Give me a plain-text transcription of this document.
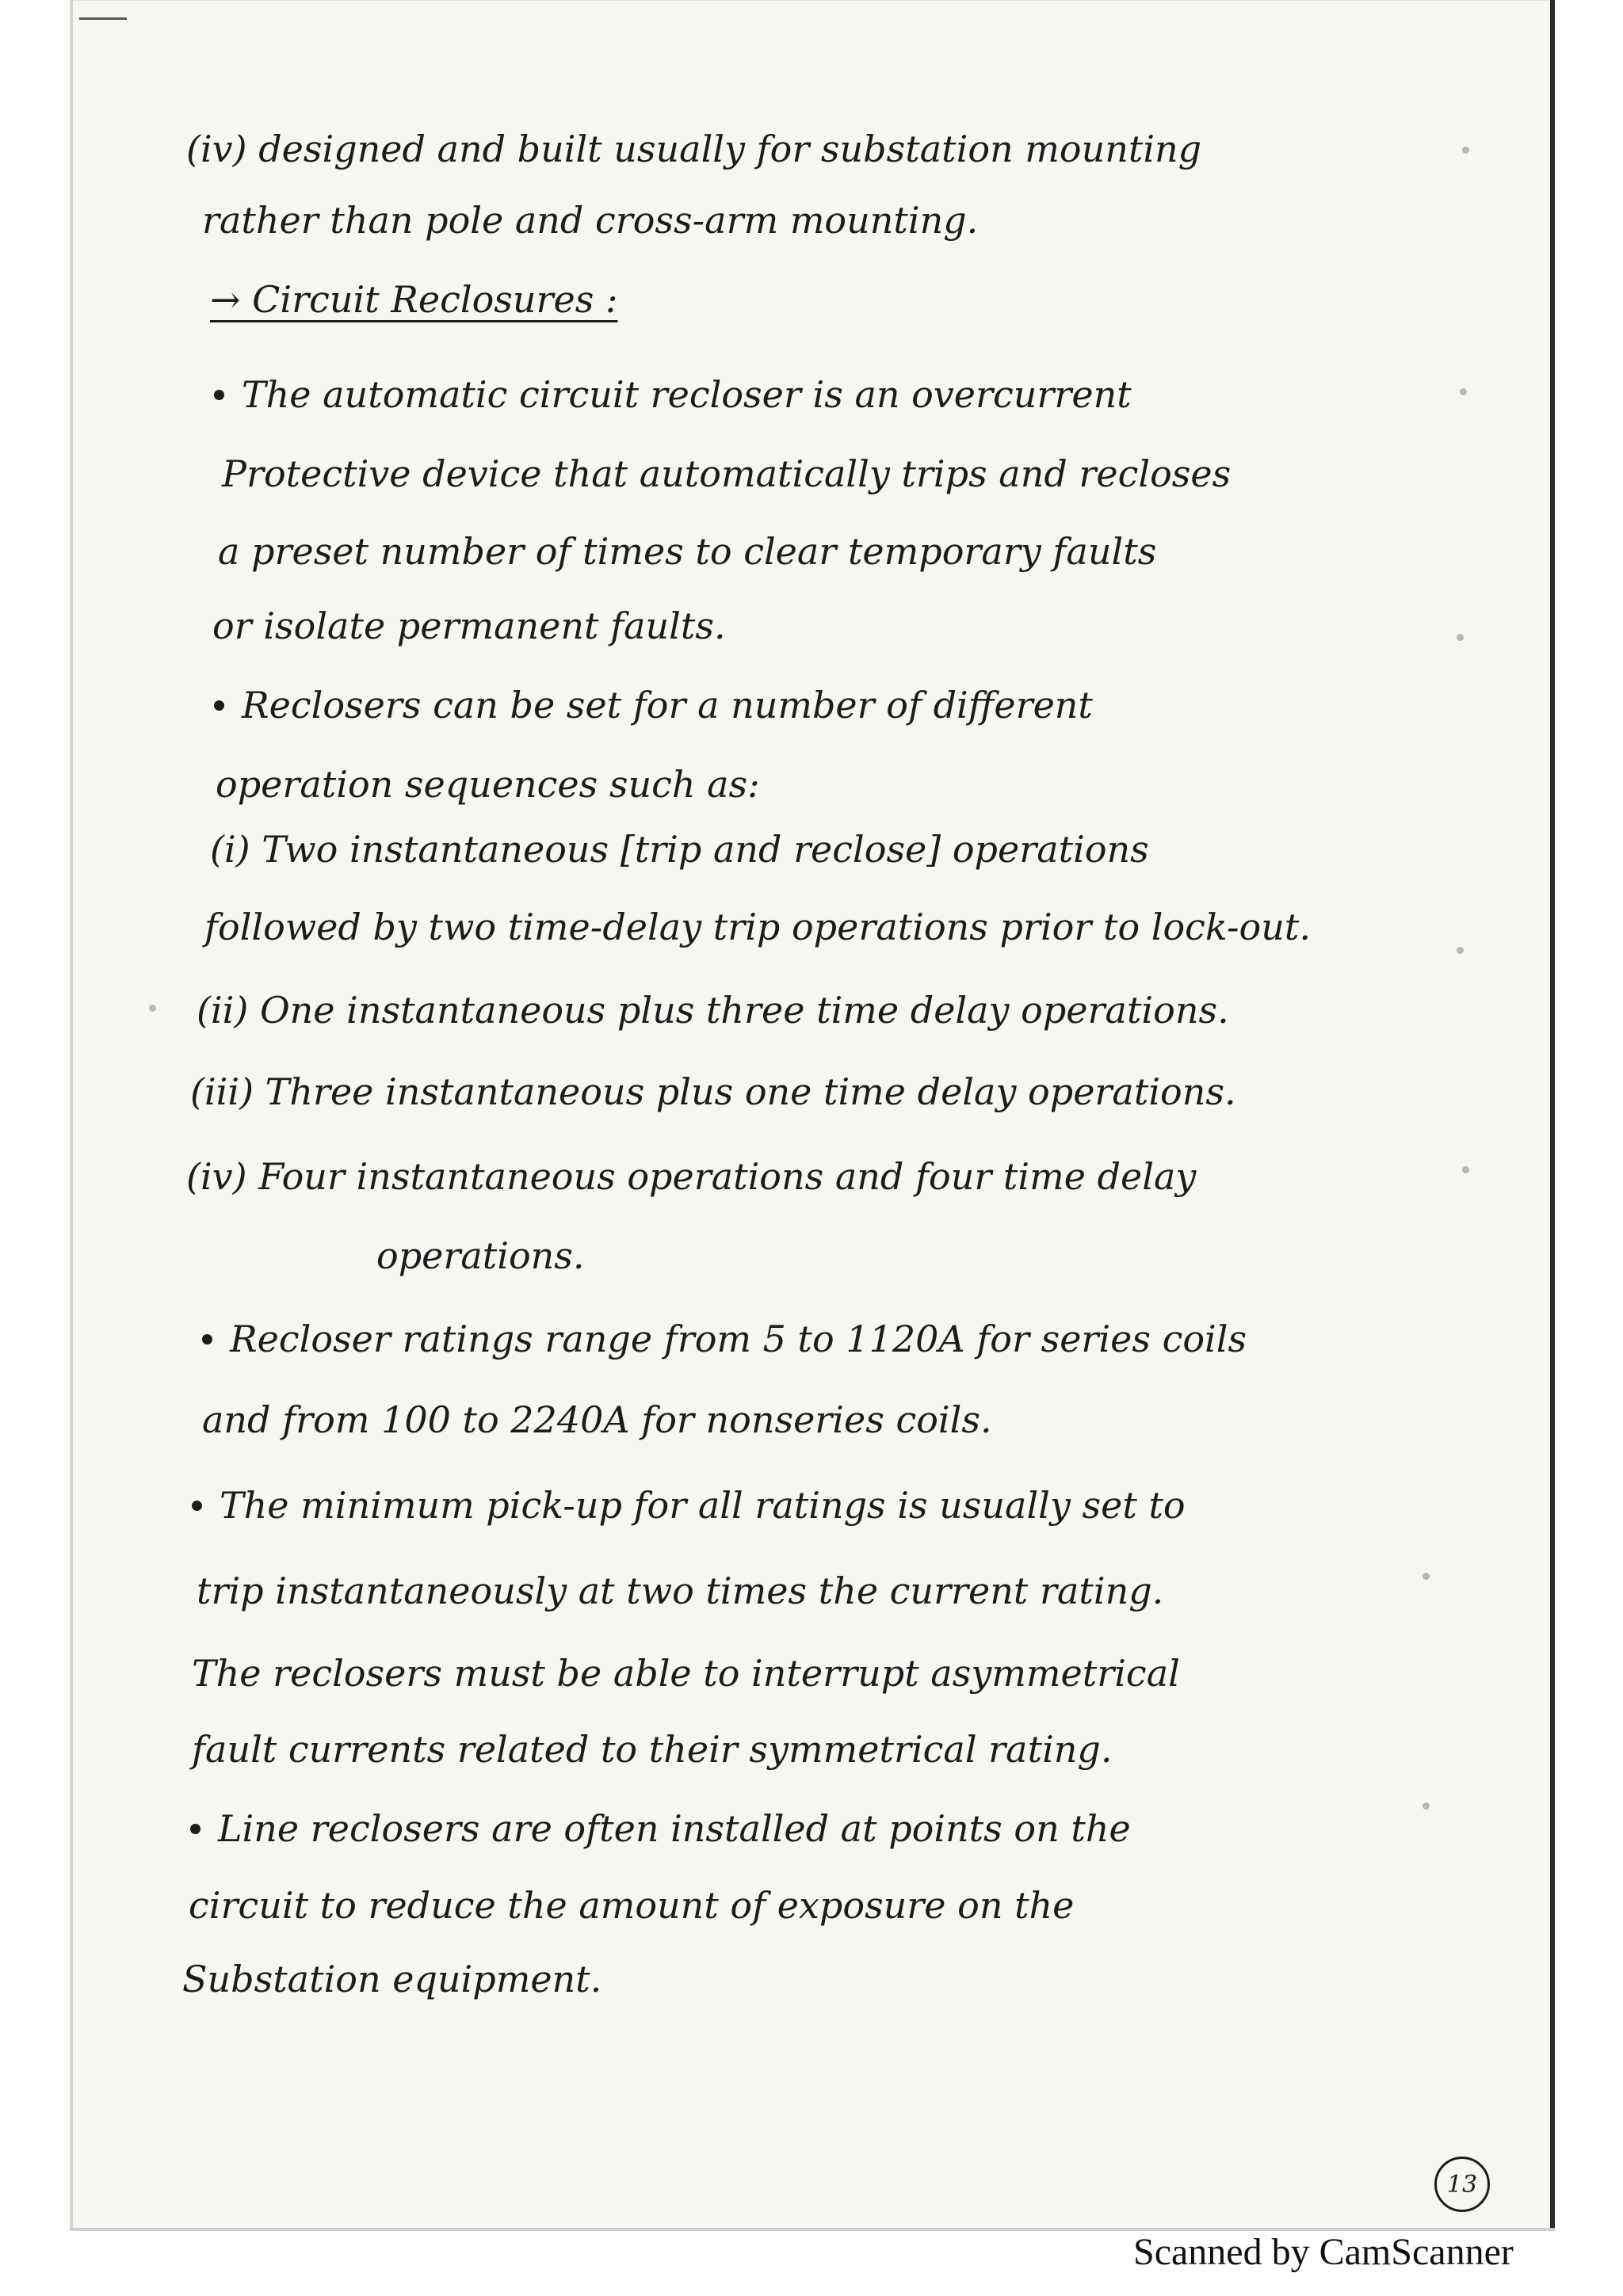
(iv) designed and built usually for substation mounting

rather than pole and cross-arm mounting.

→ Circuit Reclosures :

The automatic circuit recloser is an overcurrent

Protective device that automatically trips and recloses

a preset number of times to clear temporary faults

or isolate permanent faults.

Reclosers can be set for a number of different

operation sequences such as:

(i) Two instantaneous [trip and reclose] operations

followed by two time-delay trip operations prior to lock-out.

(ii) One instantaneous plus three time delay operations.

(iii) Three instantaneous plus one time delay operations.

(iv) Four instantaneous operations and four time delay

operations.

Recloser ratings range from 5 to 1120A for series coils

and from 100 to 2240A for nonseries coils.

The minimum pick-up for all ratings is usually set to

trip instantaneously at two times the current rating.

The reclosers must be able to interrupt asymmetrical

fault currents related to their symmetrical rating.

Line reclosers are often installed at points on the

circuit to reduce the amount of exposure on the

Substation equipment.

13
Scanned by CamScanner
